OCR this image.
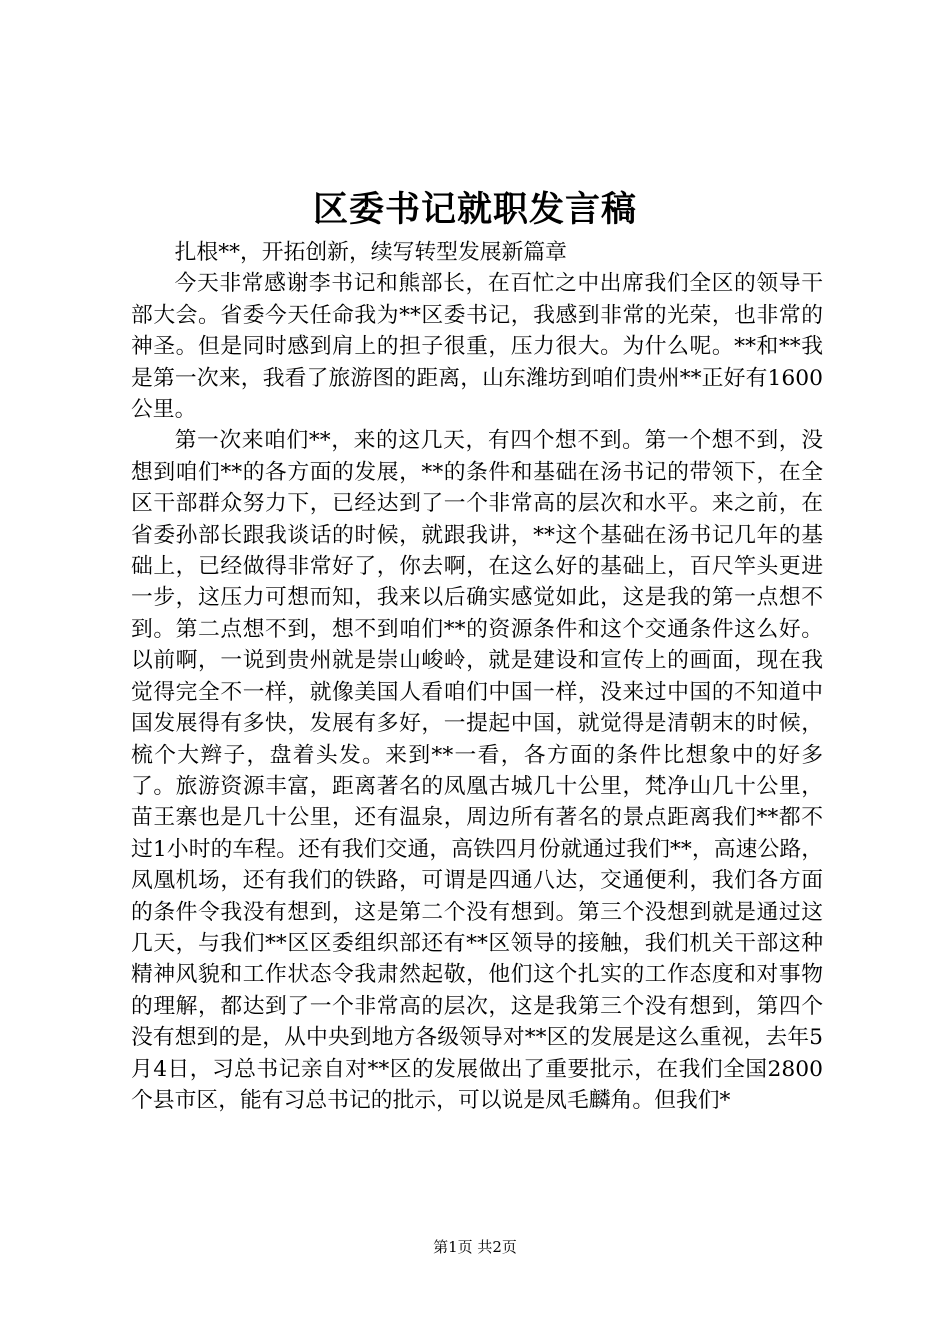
区委书记就职发言稿

扎根**，开拓创新，续写转型发展新篇章

今天非常感谢李书记和熊部长，在百忙之中出席我们全区的领导干部大会。省委今天任命我为**区委书记，我感到非常的光荣，也非常的神圣。但是同时感到肩上的担子很重，压力很大。为什么呢。**和**我是第一次来，我看了旅游图的距离，山东潍坊到咱们贵州**正好有1600公里。

第一次来咱们**，来的这几天，有四个想不到。第一个想不到，没想到咱们**的各方面的发展，**的条件和基础在汤书记的带领下，在全区干部群众努力下，已经达到了一个非常高的层次和水平。来之前，在省委孙部长跟我谈话的时候，就跟我讲，**这个基础在汤书记几年的基础上，已经做得非常好了，你去啊，在这么好的基础上，百尺竿头更进一步，这压力可想而知，我来以后确实感觉如此，这是我的第一点想不到。第二点想不到，想不到咱们**的资源条件和这个交通条件这么好。以前啊，一说到贵州就是崇山峻岭，就是建设和宣传上的画面，现在我觉得完全不一样，就像美国人看咱们中国一样，没来过中国的不知道中国发展得有多快，发展有多好，一提起中国，就觉得是清朝末的时候，梳个大辫子，盘着头发。来到**一看，各方面的条件比想象中的好多了。旅游资源丰富，距离著名的凤凰古城几十公里，梵净山几十公里，苗王寨也是几十公里，还有温泉，周边所有著名的景点距离我们**都不过1小时的车程。还有我们交通，高铁四月份就通过我们**，高速公路，凤凰机场，还有我们的铁路，可谓是四通八达，交通便利，我们各方面的条件令我没有想到，这是第二个没有想到。第三个没想到就是通过这几天，与我们**区区委组织部还有**区领导的接触，我们机关干部这种精神风貌和工作状态令我肃然起敬，他们这个扎实的工作态度和对事物的理解，都达到了一个非常高的层次，这是我第三个没有想到，第四个没有想到的是，从中央到地方各级领导对**区的发展是这么重视，去年5月4日，习总书记亲自对**区的发展做出了重要批示，在我们全国2800个县市区，能有习总书记的批示，可以说是凤毛麟角。但我们*

第1页 共2页
